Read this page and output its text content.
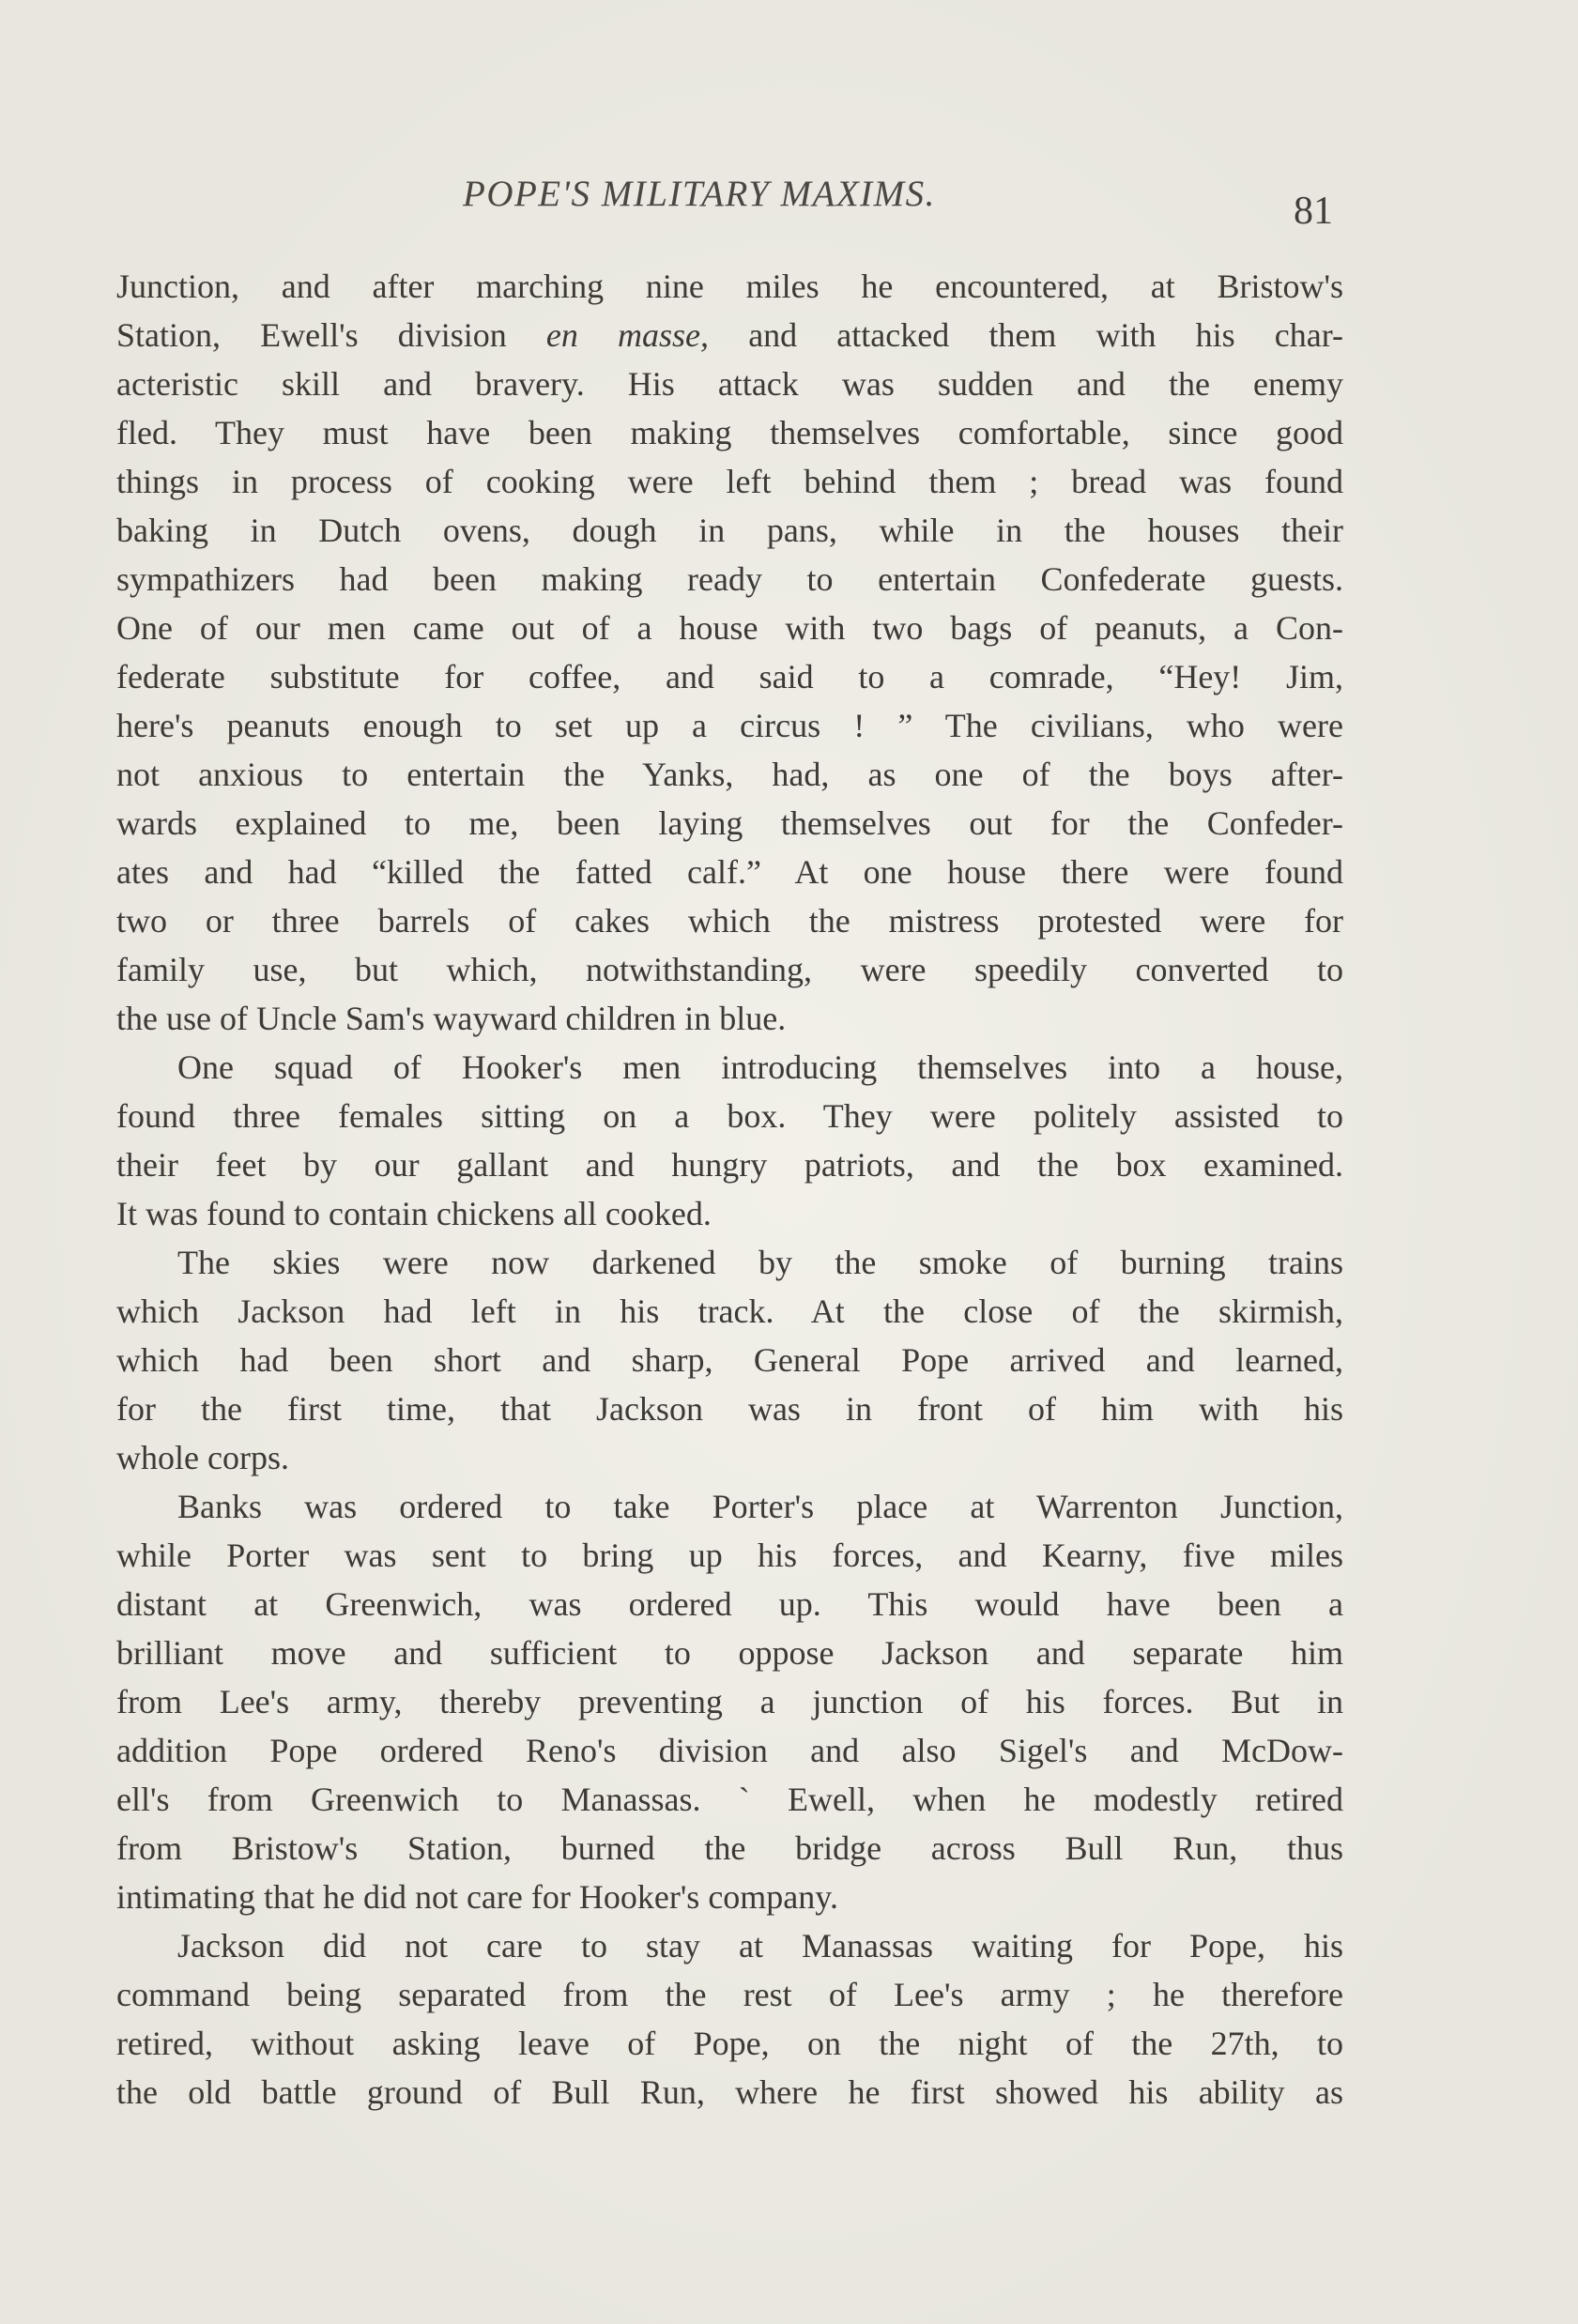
POPE'S MILITARY MAXIMS.	81
Junction, and after marching nine miles he encountered, at Bristow's
Station, Ewell's division en masse, and attacked them with his char-
acteristic skill and bravery. His attack was sudden and the enemy
fled. They must have been making themselves comfortable, since good
things in process of cooking were left behind them ; bread was found
baking in Dutch ovens, dough in pans, while in the houses their
sympathizers had been making ready to entertain Confederate guests.
One of our men came out of a house with two bags of peanuts, a Con-
federate substitute for coffee, and said to a comrade, “Hey! Jim,
here's peanuts enough to set up a circus ! ” The civilians, who were
not anxious to entertain the Yanks, had, as one of the boys after-
wards explained to me, been laying themselves out for the Confeder-
ates and had “killed the fatted calf.” At one house there were found
two or three barrels of cakes which the mistress protested were for
family use, but which, notwithstanding, were speedily converted to
the use of Uncle Sam's wayward children in blue.
One squad of Hooker's men introducing themselves into a house,
found three females sitting on a box. They were politely assisted to
their feet by our gallant and hungry patriots, and the box examined.
It was found to contain chickens all cooked.
The skies were now darkened by the smoke of burning trains
which Jackson had left in his track. At the close of the skirmish,
which had been short and sharp, General Pope arrived and learned,
for the first time, that Jackson was in front of him with his
whole corps.
Banks was ordered to take Porter's place at Warrenton Junction,
while Porter was sent to bring up his forces, and Kearny, five miles
distant at Greenwich, was ordered up. This would have been a
brilliant move and sufficient to oppose Jackson and separate him
from Lee's army, thereby preventing a junction of his forces. But in
addition Pope ordered Reno's division and also Sigel's and McDow-
ell's from Greenwich to Manassas. ` Ewell, when he modestly retired
from Bristow's Station, burned the bridge across Bull Run, thus
intimating that he did not care for Hooker's company.
Jackson did not care to stay at Manassas waiting for Pope, his
command being separated from the rest of Lee's army ; he therefore
retired, without asking leave of Pope, on the night of the 27th, to
the old battle ground of Bull Run, where he first showed his ability as
